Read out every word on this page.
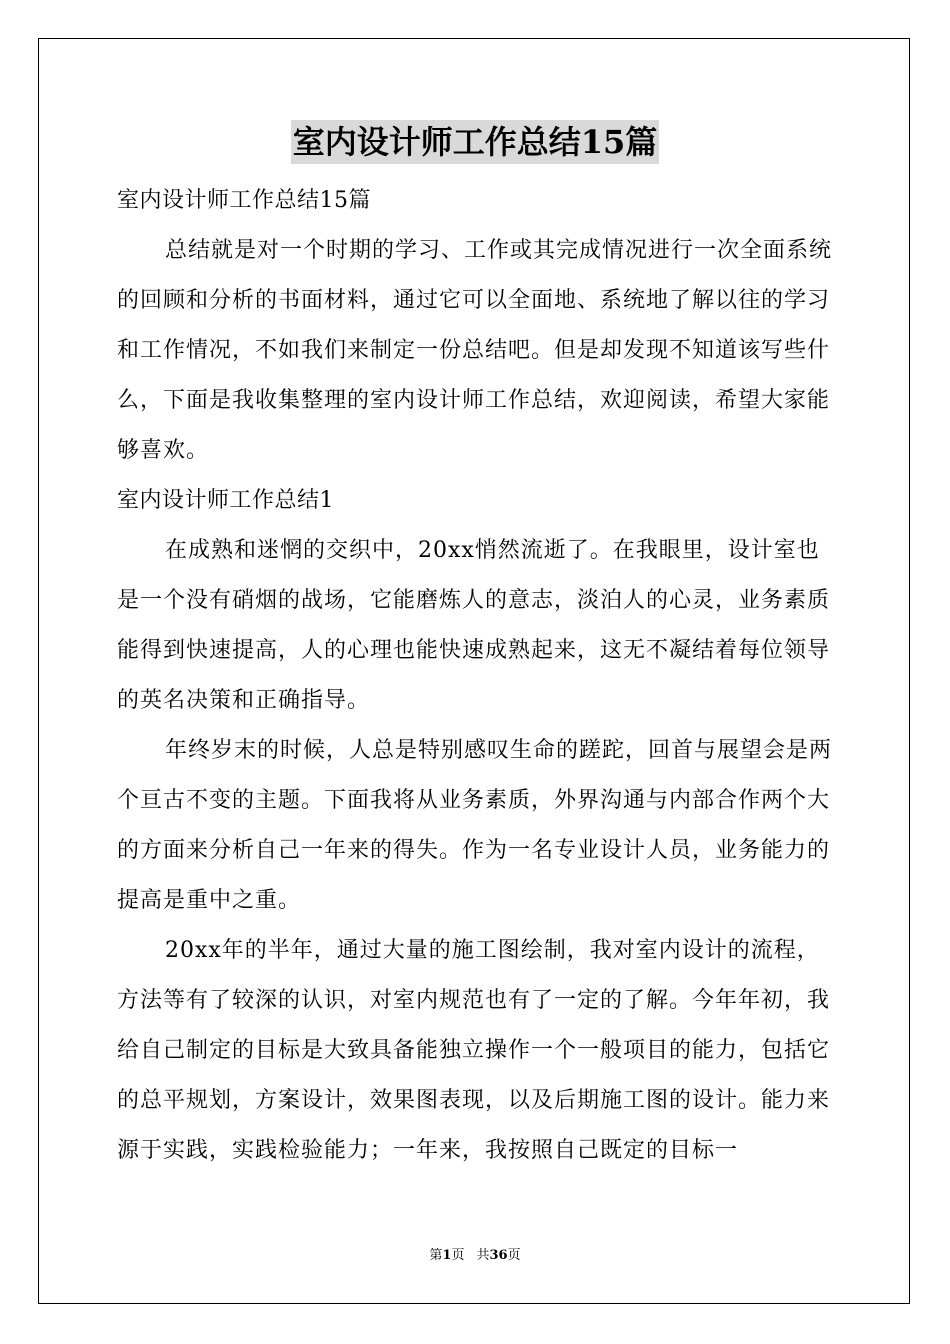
室内设计师工作总结15篇

室内设计师工作总结15篇

总结就是对一个时期的学习、工作或其完成情况进行一次全面系统的回顾和分析的书面材料，通过它可以全面地、系统地了解以往的学习和工作情况，不如我们来制定一份总结吧。但是却发现不知道该写些什么，下面是我收集整理的室内设计师工作总结，欢迎阅读，希望大家能够喜欢。

室内设计师工作总结1

在成熟和迷惘的交织中，20xx悄然流逝了。在我眼里，设计室也是一个没有硝烟的战场，它能磨炼人的意志，淡泊人的心灵，业务素质能得到快速提高，人的心理也能快速成熟起来，这无不凝结着每位领导的英名决策和正确指导。

年终岁末的时候，人总是特别感叹生命的蹉跎，回首与展望会是两个亘古不变的主题。下面我将从业务素质，外界沟通与内部合作两个大的方面来分析自己一年来的得失。作为一名专业设计人员，业务能力的提高是重中之重。

20xx年的半年，通过大量的施工图绘制，我对室内设计的流程，方法等有了较深的认识，对室内规范也有了一定的了解。今年年初，我给自己制定的目标是大致具备能独立操作一个一般项目的能力，包括它的总平规划，方案设计，效果图表现，以及后期施工图的设计。能力来源于实践，实践检验能力；一年来，我按照自己既定的目标一

第1页 共36页
